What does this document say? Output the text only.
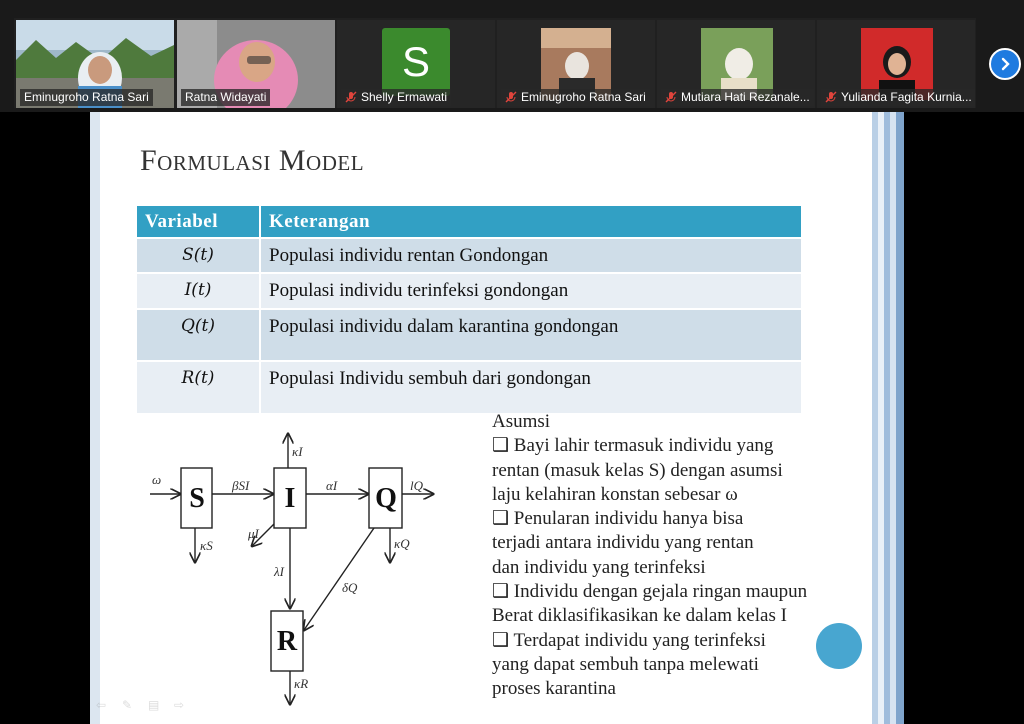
Eminugroho Ratna Sari	Ratna Widayati
S
Shelly Ermawati	Eminugroho Ratna Sari	Mutiara Hati Rezanale...	Yulianda Fagita Kurnia...
Formulasi Model
Variabel	Keterangan
S(t)	Populasi individu rentan Gondongan
I(t)	Populasi individu terinfeksi gondongan
Q(t)	Populasi individu dalam karantina gondongan
R(t)	Populasi Individu sembuh dari gondongan
S	I	Q
R
ω	βSI	αI
κI
κS
μI
λI
δQ
κQ
κR
lQ
Asumsi
❑ Bayi lahir termasuk individu yang
rentan (masuk kelas S) dengan asumsi
laju kelahiran konstan sebesar ω
❑ Penularan individu hanya bisa
terjadi antara individu yang rentan
dan individu yang terinfeksi
❑ Individu dengan gejala ringan maupun
Berat diklasifikasikan ke dalam kelas I
❑ Terdapat individu yang terinfeksi
yang dapat sembuh tanpa melewati
proses karantina
⇦	✎	▤	⇨
